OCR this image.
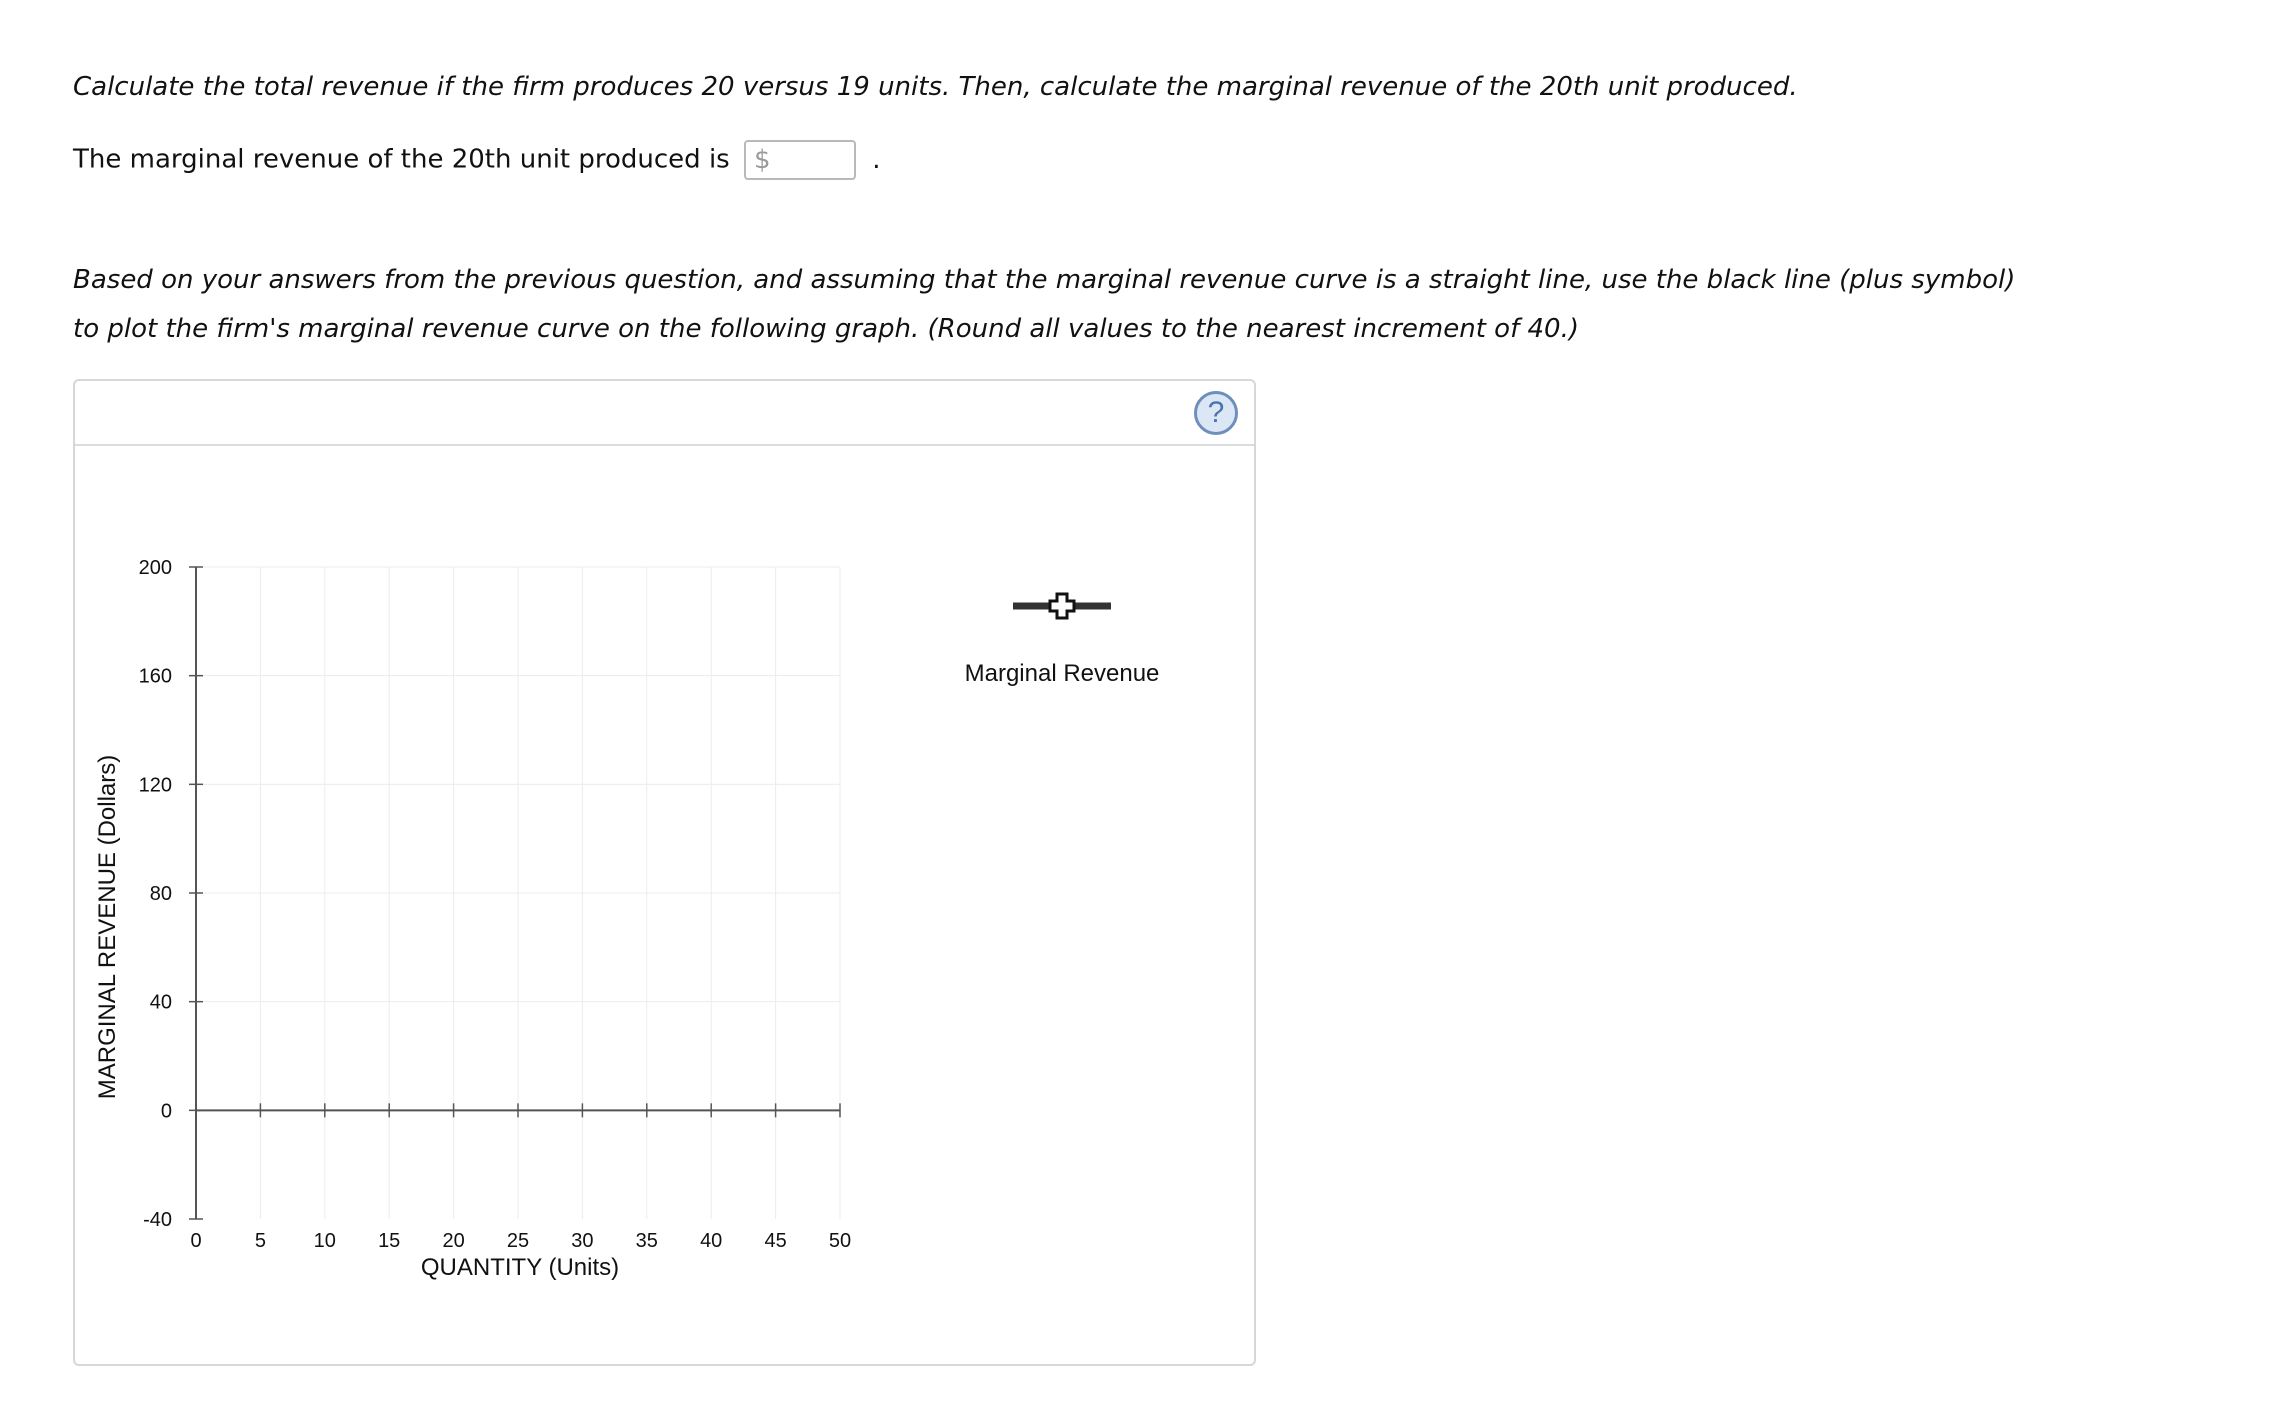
Calculate the total revenue if the firm produces 20 versus 19 units. Then, calculate the marginal revenue of the 20th unit produced.
The marginal revenue of the 20th unit produced is $	.
Based on your answers from the previous question, and assuming that the marginal revenue curve is a straight line, use the black line (plus symbol)
to plot the firm's marginal revenue curve on the following graph. (Round all values to the nearest increment of 40.)
?
200
160
120
80
40
0
-40
0	5 10 15 20 25 30 35 40 45 50
QUANTITY (Units)
MARGINAL REVENUE (Dollars)
Marginal Revenue
